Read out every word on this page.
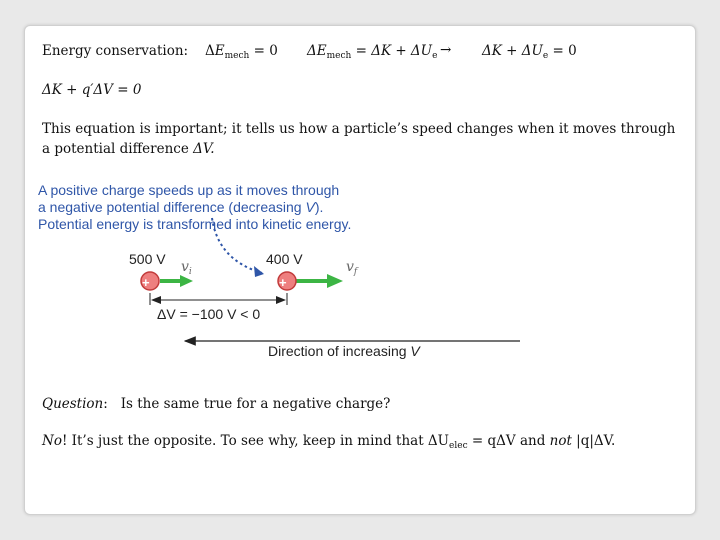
Energy conservation: $\Delta E_{mech} = 0$ $\Delta E_{mech} = \Delta K + \Delta U_e \to \Delta K + \Delta U_e = 0$
ΔK + q′ΔV = 0
This equation is important; it tells us how a particle’s speed changes when it moves through a potential difference ΔV.
A positive charge speeds up as it moves through
a negative potential difference (decreasing V).
Potential energy is transformed into kinetic energy.
+	+
500 V	400 V
$v_i$	$v_f$
ΔV = −100 V < 0
Direction of increasing V
Question: Is the same true for a negative charge?
No! It’s just the opposite. To see why, keep in mind that $\Delta U_{elec} = q\Delta V$ and not |q|ΔV.
